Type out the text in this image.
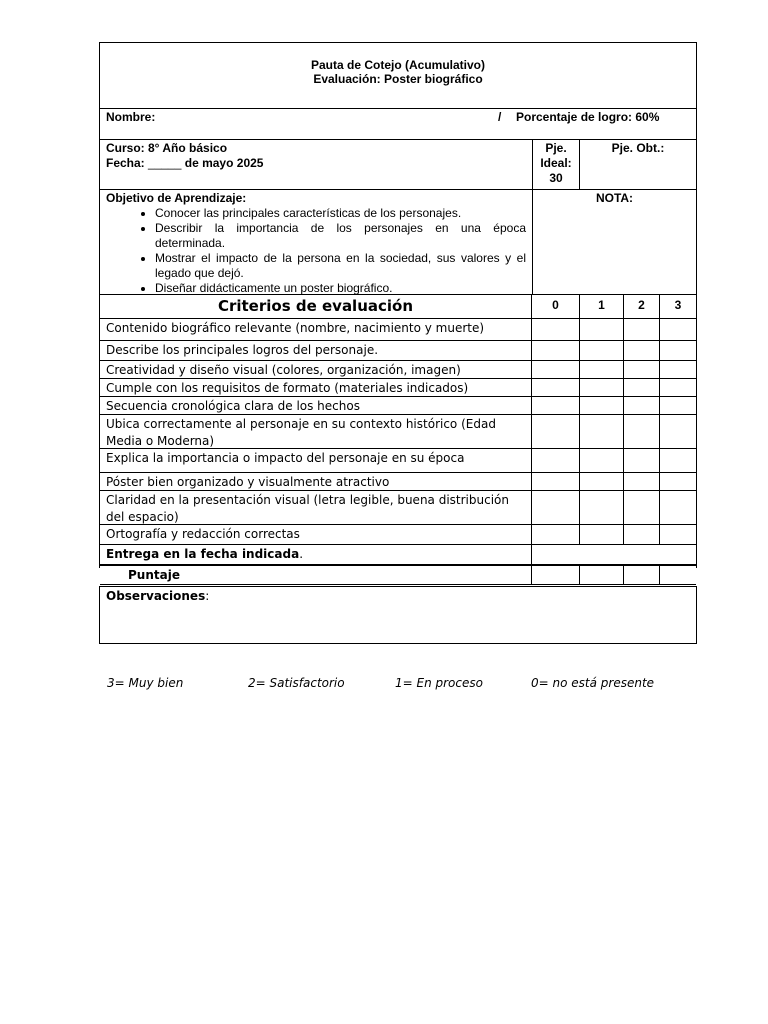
Pauta de Cotejo (Acumulativo)
Evaluación: Poster biográfico
Nombre:	/ Porcentaje de logro: 60%
Curso: 8° Año básico
Fecha: _____ de mayo 2025
Pje. Ideal: 30
Pje. Obt.:
Objetivo de Aprendizaje:
• Conocer las principales características de los personajes.
• Describir la importancia de los personajes en una época determinada.
• Mostrar el impacto de la persona en la sociedad, sus valores y el legado que dejó.
• Diseñar didácticamente un poster biográfico.
NOTA:
Criterios de evaluación	0	1	2	3
Contenido biográfico relevante (nombre, nacimiento y muerte)
Describe los principales logros del personaje.
Creatividad y diseño visual (colores, organización, imagen)
Cumple con los requisitos de formato (materiales indicados)
Secuencia cronológica clara de los hechos
Ubica correctamente al personaje en su contexto histórico (Edad Media o Moderna)
Explica la importancia o impacto del personaje en su época
Póster bien organizado y visualmente atractivo
Claridad en la presentación visual (letra legible, buena distribución del espacio)
Ortografía y redacción correctas
Entrega en la fecha indicada.
Puntaje
Observaciones:
3= Muy bien	2= Satisfactorio	1= En proceso	0= no está presente
